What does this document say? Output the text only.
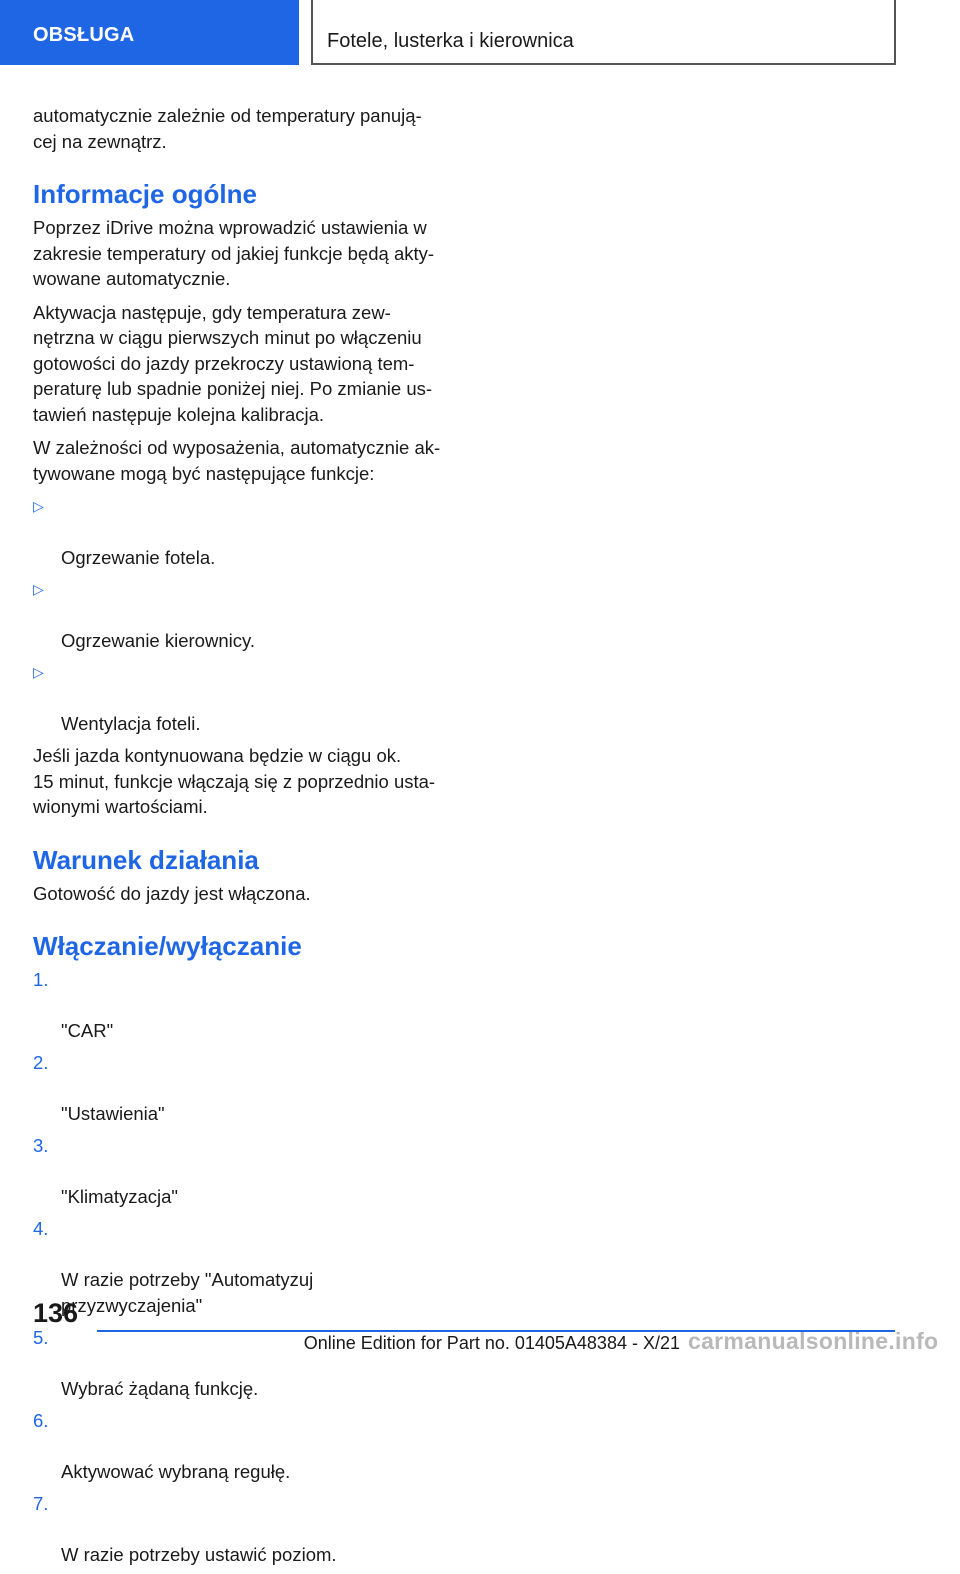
OBSŁUGA	Fotele, lusterka i kierownica

automatycznie zależnie od temperatury panują-
cej na zewnątrz.

Informacje ogólne

Poprzez iDrive można wprowadzić ustawienia w
zakresie temperatury od jakiej funkcje będą akty-
wowane automatycznie.

Aktywacja następuje, gdy temperatura zew-
nętrzna w ciągu pierwszych minut po włączeniu
gotowości do jazdy przekroczy ustawioną tem-
peraturę lub spadnie poniżej niej. Po zmianie us-
tawień następuje kolejna kalibracja.

W zależności od wyposażenia, automatycznie ak-
tywowane mogą być następujące funkcje:

▷

Ogrzewanie fotela.

▷

Ogrzewanie kierownicy.

▷

Wentylacja foteli.

Jeśli jazda kontynuowana będzie w ciągu ok.
15 minut, funkcje włączają się z poprzednio usta-
wionymi wartościami.

Warunek działania

Gotowość do jazdy jest włączona.

Włączanie/wyłączanie

1.

"CAR"

2.

"Ustawienia"

3.

"Klimatyzacja"

4.

W razie potrzeby "Automatyzuj
przyzwyczajenia"

5.

Wybrać żądaną funkcję.

6.

Aktywować wybraną regułę.

7.

W razie potrzeby ustawić poziom.

136
Online Edition for Part no. 01405A48384 - X/21 carmanualsonline.info
